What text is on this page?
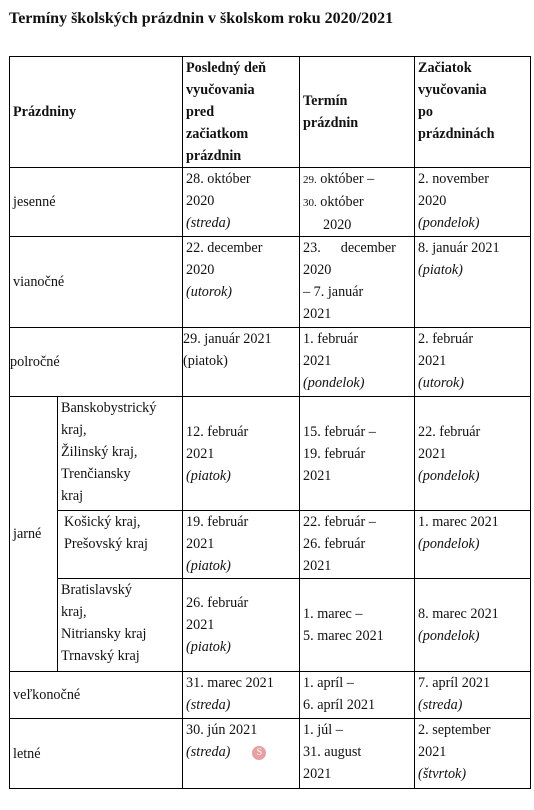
Termíny školských prázdnin v školskom roku 2020/2021
Prázdniny		Posledný deň
vyučovania
pred
začiatkom
prázdnin	Termín
prázdnin	Začiatok
vyučovania
po
prázdninách

jesenné		28. október
2020
(streda)	29. október –
30. október
2020	2. november
2020
(pondelok)

vianočné		22. december
2020
(utorok)	23. december
2020
– 7. január
2021	8. január 2021
(piatok)

polročné		29. január 2021
(piatok)	1. február
2021
(pondelok)	2. február
2021
(utorok)

jarné	Banskobystrický
kraj,
Žilinský kraj,
Trenčiansky
kraj	12. február
2021
(piatok)	15. február –
19. február
2021	22. február
2021
(pondelok)

	Košický kraj,
Prešovský kraj	19. február
2021
(piatok)	22. február –
26. február
2021	1. marec 2021
(pondelok)

	Bratislavský
kraj,
Nitriansky kraj
Trnavský kraj	26. február
2021
(piatok)	1. marec –
5. marec 2021	8. marec 2021
(pondelok)

veľkonočné		31. marec 2021
(streda)	1. apríl –
6. apríl 2021	7. apríl 2021
(streda)

letné		30. jún 2021
(streda) S	1. júl –
31. august
2021	2. september
2021
(štvrtok)
